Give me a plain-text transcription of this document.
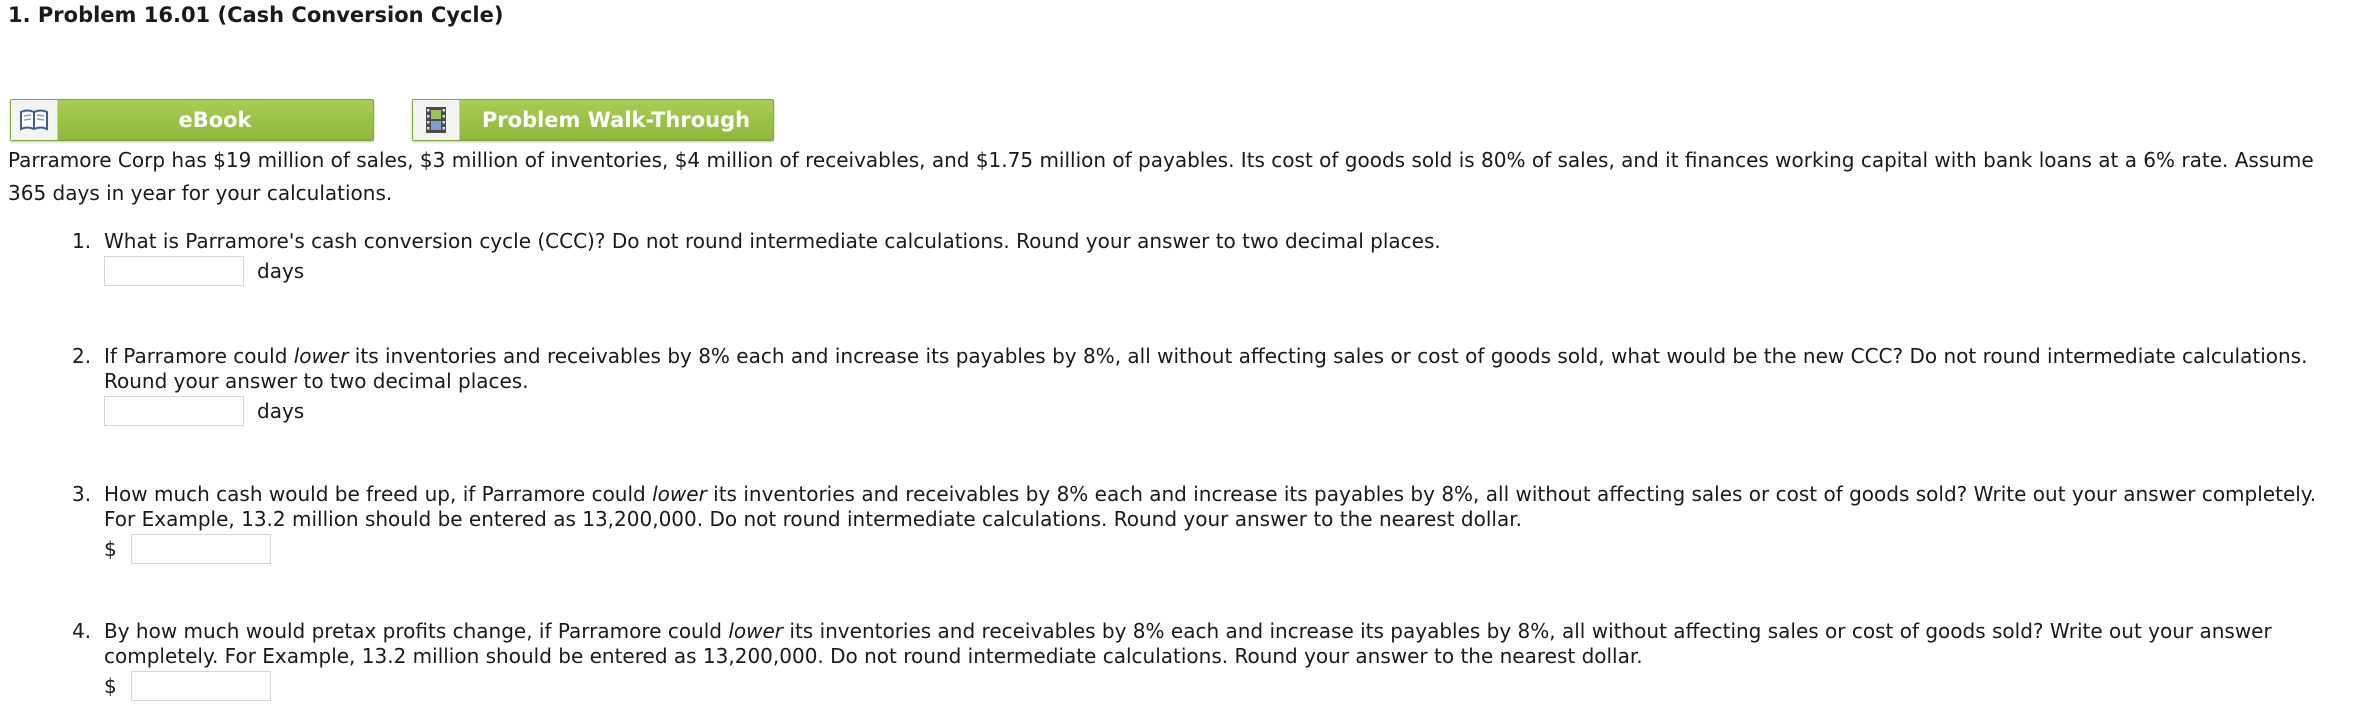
1. Problem 16.01 (Cash Conversion Cycle)
eBook	Problem Walk-Through

Parramore Corp has $19 million of sales, $3 million of inventories, $4 million of receivables, and $1.75 million of payables. Its cost of goods sold is 80% of sales, and it finances working capital with bank loans at a 6% rate. Assume 365 days in year for your calculations.

1. What is Parramore's cash conversion cycle (CCC)? Do not round intermediate calculations. Round your answer to two decimal places.
days
2. If Parramore could lower its inventories and receivables by 8% each and increase its payables by 8%, all without affecting sales or cost of goods sold, what would be the new CCC? Do not round intermediate calculations. Round your answer to two decimal places.
days
3. How much cash would be freed up, if Parramore could lower its inventories and receivables by 8% each and increase its payables by 8%, all without affecting sales or cost of goods sold? Write out your answer completely. For Example, 13.2 million should be entered as 13,200,000. Do not round intermediate calculations. Round your answer to the nearest dollar.
$
4. By how much would pretax profits change, if Parramore could lower its inventories and receivables by 8% each and increase its payables by 8%, all without affecting sales or cost of goods sold? Write out your answer completely. For Example, 13.2 million should be entered as 13,200,000. Do not round intermediate calculations. Round your answer to the nearest dollar.
$
